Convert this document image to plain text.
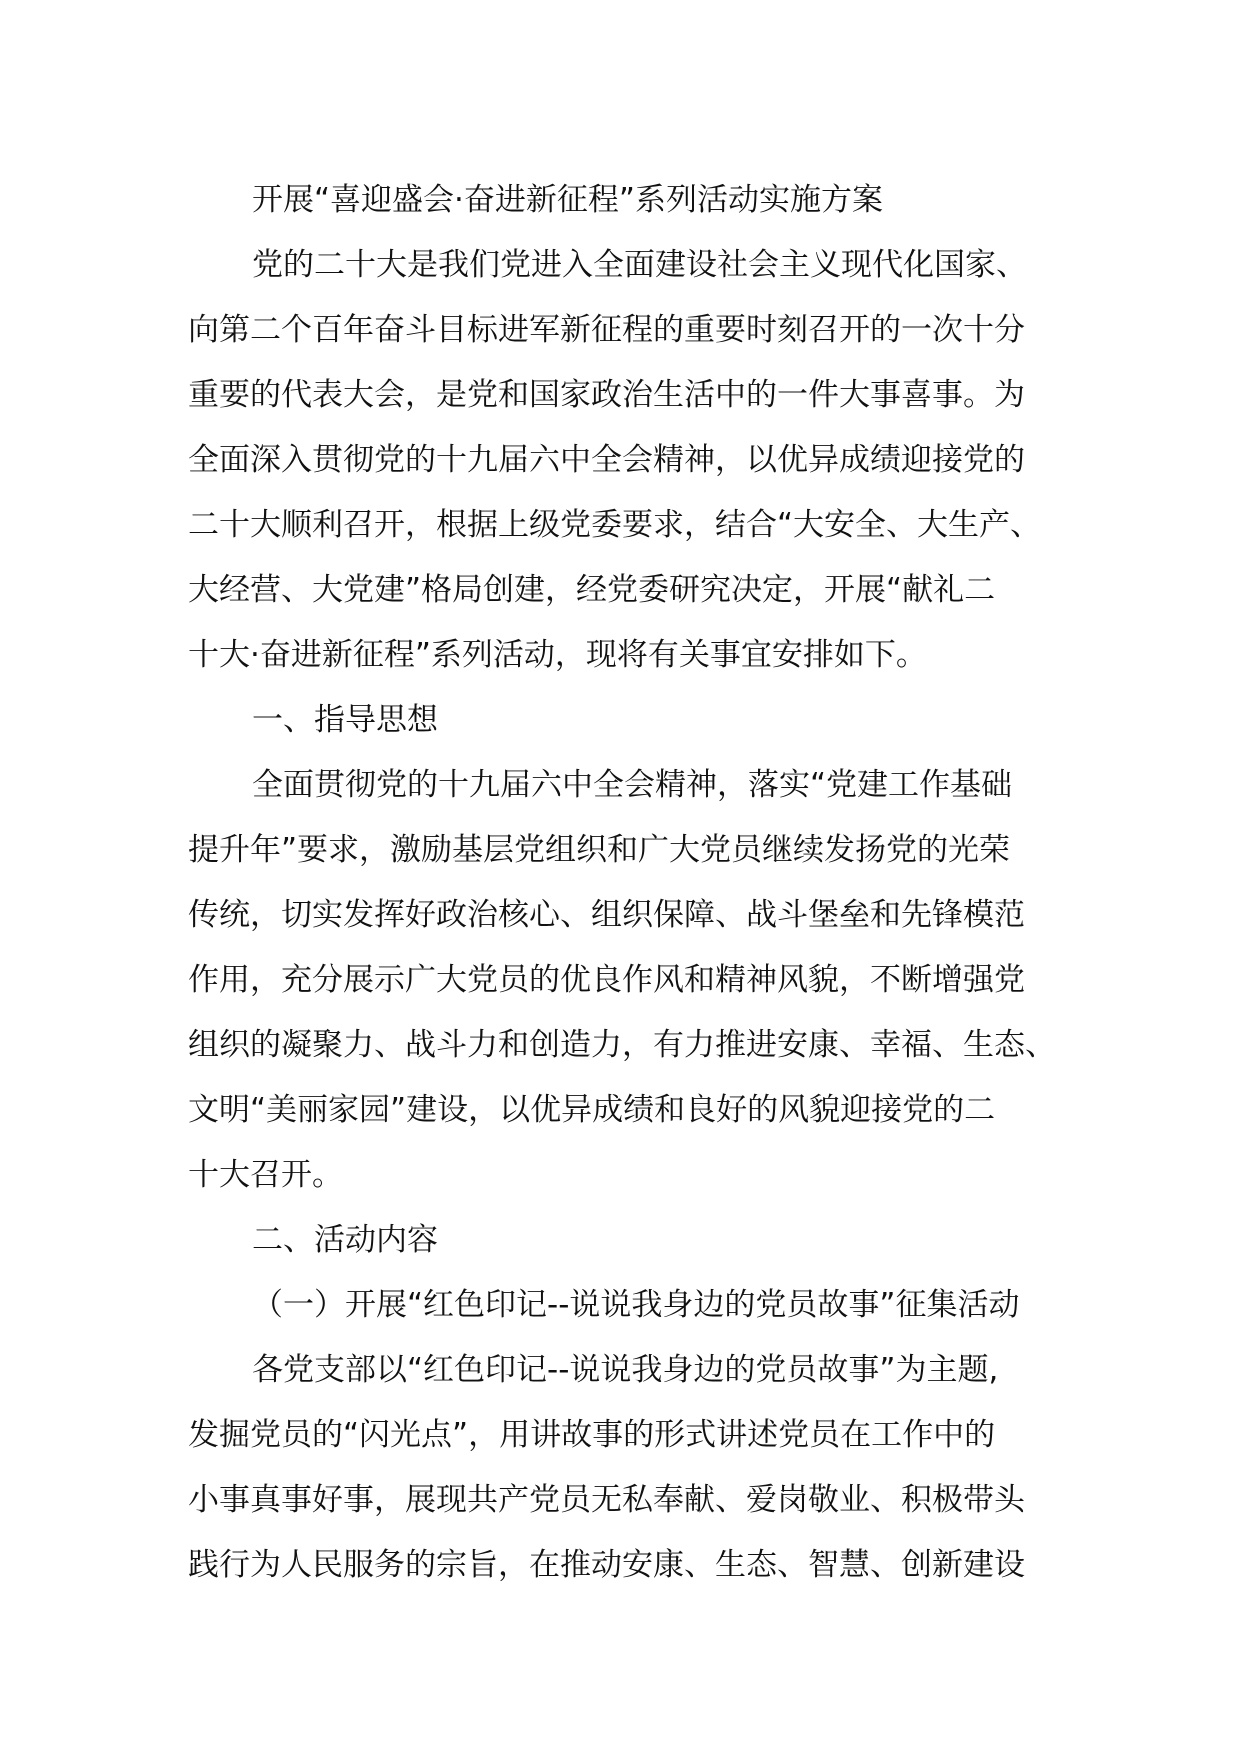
开展“喜迎盛会·奋进新征程”系列活动实施方案
党的二十大是我们党进入全面建设社会主义现代化国家、
向第二个百年奋斗目标进军新征程的重要时刻召开的一次十分
重要的代表大会，是党和国家政治生活中的一件大事喜事。为
全面深入贯彻党的十九届六中全会精神，以优异成绩迎接党的
二十大顺利召开，根据上级党委要求，结合“大安全、大生产、
大经营、大党建”格局创建，经党委研究决定，开展“献礼二
十大·奋进新征程”系列活动，现将有关事宜安排如下。
一、指导思想
全面贯彻党的十九届六中全会精神，落实“党建工作基础
提升年”要求，激励基层党组织和广大党员继续发扬党的光荣
传统，切实发挥好政治核心、组织保障、战斗堡垒和先锋模范
作用，充分展示广大党员的优良作风和精神风貌，不断增强党
组织的凝聚力、战斗力和创造力，有力推进安康、幸福、生态、
文明“美丽家园”建设，以优异成绩和良好的风貌迎接党的二
十大召开。
二、活动内容
（一）开展“红色印记--说说我身边的党员故事”征集活动
各党支部以“红色印记--说说我身边的党员故事”为主题,
发掘党员的“闪光点”，用讲故事的形式讲述党员在工作中的
小事真事好事，展现共产党员无私奉献、爱岗敬业、积极带头
践行为人民服务的宗旨，在推动安康、生态、智慧、创新建设
